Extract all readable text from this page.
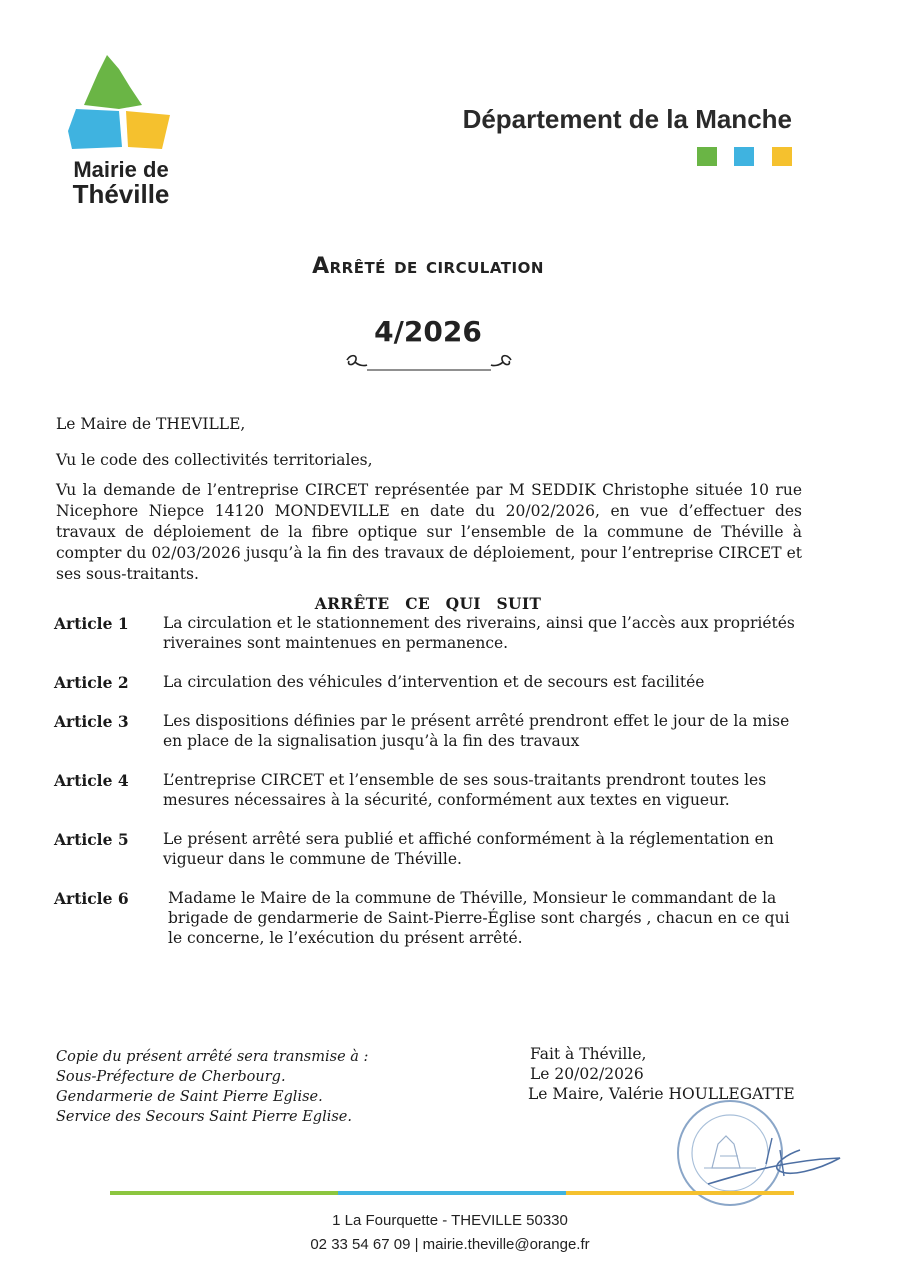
Mairie de
Théville
Département de la Manche
Arrêté de circulation
4/2026
Le Maire de THEVILLE,
Vu le code des collectivités territoriales,
Vu la demande de l’entreprise CIRCET représentée par M SEDDIK Christophe située 10 rue Nicephore Niepce 14120 MONDEVILLE en date du 20/02/2026, en vue d’effectuer des travaux de déploiement de la fibre optique sur l’ensemble de la commune de Théville à compter du 02/03/2026 jusqu’à la fin des travaux de déploiement, pour l’entreprise CIRCET et ses sous-traitants.
ARRÊTE CE QUI SUIT
Article 1 La circulation et le stationnement des riverains, ainsi que l’accès aux propriétés riveraines sont maintenues en permanence.
Article 2 La circulation des véhicules d’intervention et de secours est facilitée
Article 3 Les dispositions définies par le présent arrêté prendront effet le jour de la mise en place de la signalisation jusqu’à la fin des travaux
Article 4 L’entreprise CIRCET et l’ensemble de ses sous-traitants prendront toutes les mesures nécessaires à la sécurité, conformément aux textes en vigueur.
Article 5 Le présent arrêté sera publié et affiché conformément à la réglementation en vigueur dans le commune de Théville.
Article 6	Madame le Maire de la commune de Théville, Monsieur le commandant de la brigade de gendarmerie de Saint-Pierre-Église sont chargés , chacun en ce qui le concerne, le l’exécution du présent arrêté.
Copie du présent arrêté sera transmise à :
Sous-Préfecture de Cherbourg.
Gendarmerie de Saint Pierre Eglise.
Service des Secours Saint Pierre Eglise.
Fait à Théville,
Le 20/02/2026
Le Maire, Valérie HOULLEGATTE
1 La Fourquette - THEVILLE 50330
02 33 54 67 09 | mairie.theville@orange.fr
